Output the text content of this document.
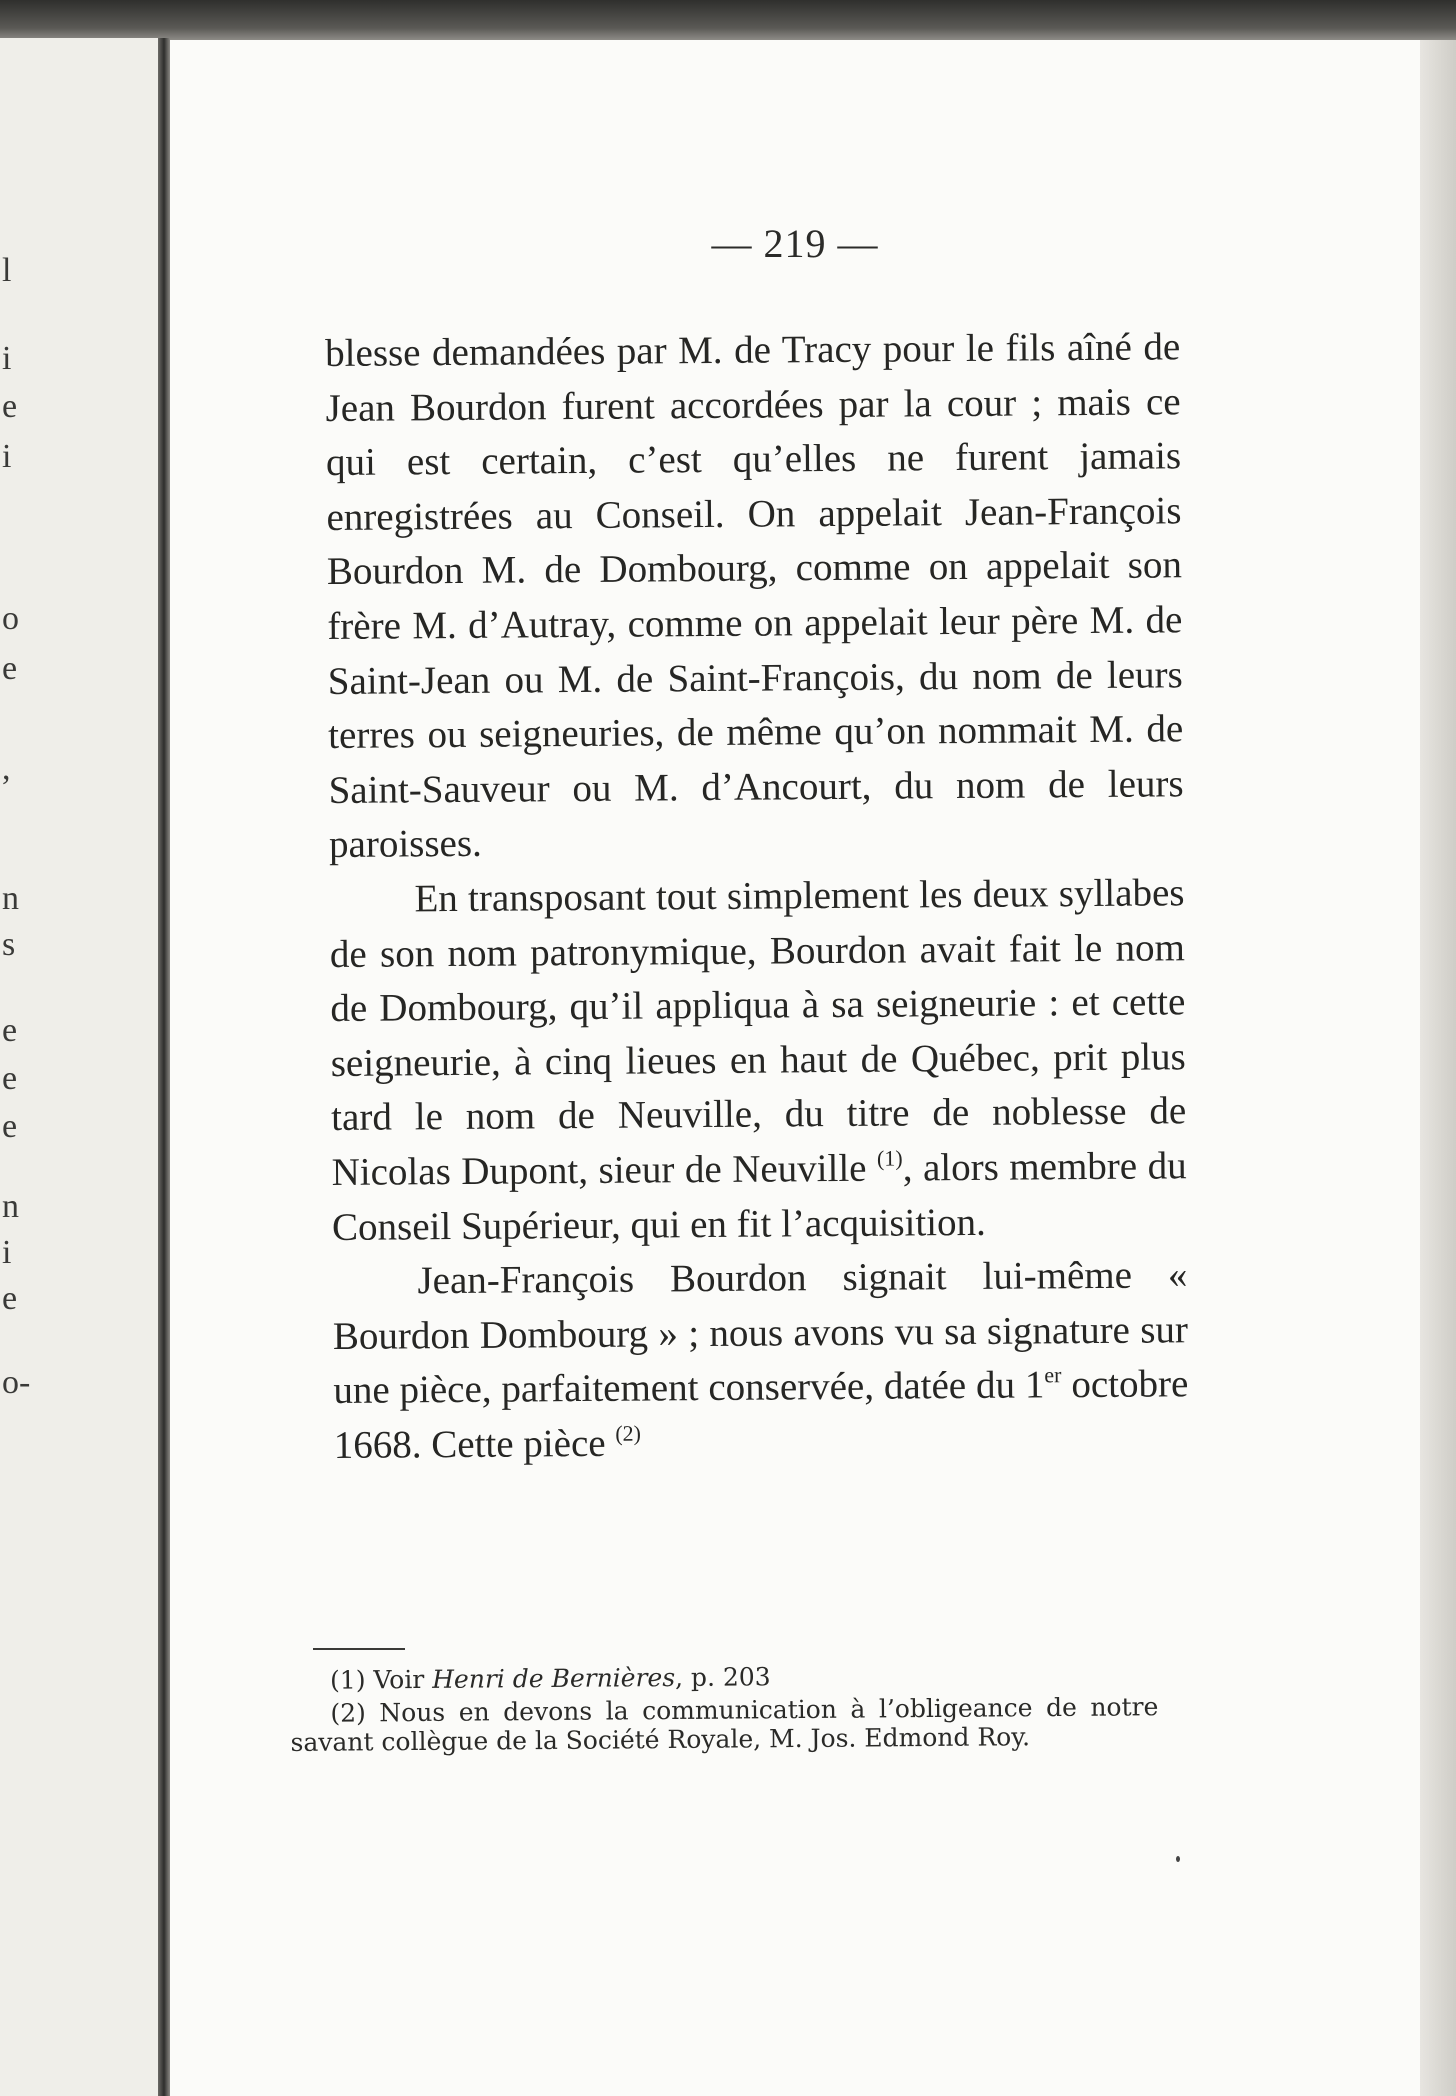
l
i
e
i
o
e
,
n
s
e
e
e
n
i
e
o-
— 219 —

blesse demandées par M. de Tracy pour le fils aîné de Jean Bourdon furent accordées par la cour ; mais ce qui est certain, c’est qu’elles ne furent jamais enregistrées au Conseil. On appelait Jean-François Bourdon M. de Dombourg, comme on appelait son frère M. d’Autray, comme on appelait leur père M. de Saint-Jean ou M. de Saint-François, du nom de leurs terres ou seigneuries, de même qu’on nommait M. de Saint-Sauveur ou M. d’Ancourt, du nom de leurs paroisses.

En transposant tout simplement les deux syllabes de son nom patronymique, Bourdon avait fait le nom de Dombourg, qu’il appliqua à sa seigneurie : et cette seigneurie, à cinq lieues en haut de Québec, prit plus tard le nom de Neuville, du titre de noblesse de Nicolas Dupont, sieur de Neuville $^{(1)}$, alors membre du Conseil Supérieur, qui en fit l’acquisition.

Jean-François Bourdon signait lui-même « Bourdon Dombourg » ; nous avons vu sa signature sur une pièce, parfaitement conservée, datée du 1er octobre 1668. Cette pièce $^{(2)}$

(1) Voir Henri de Bernières, p. 203

(2) Nous en devons la communication à l’obligeance de notre savant collègue de la Société Royale, M. Jos. Edmond Roy.
